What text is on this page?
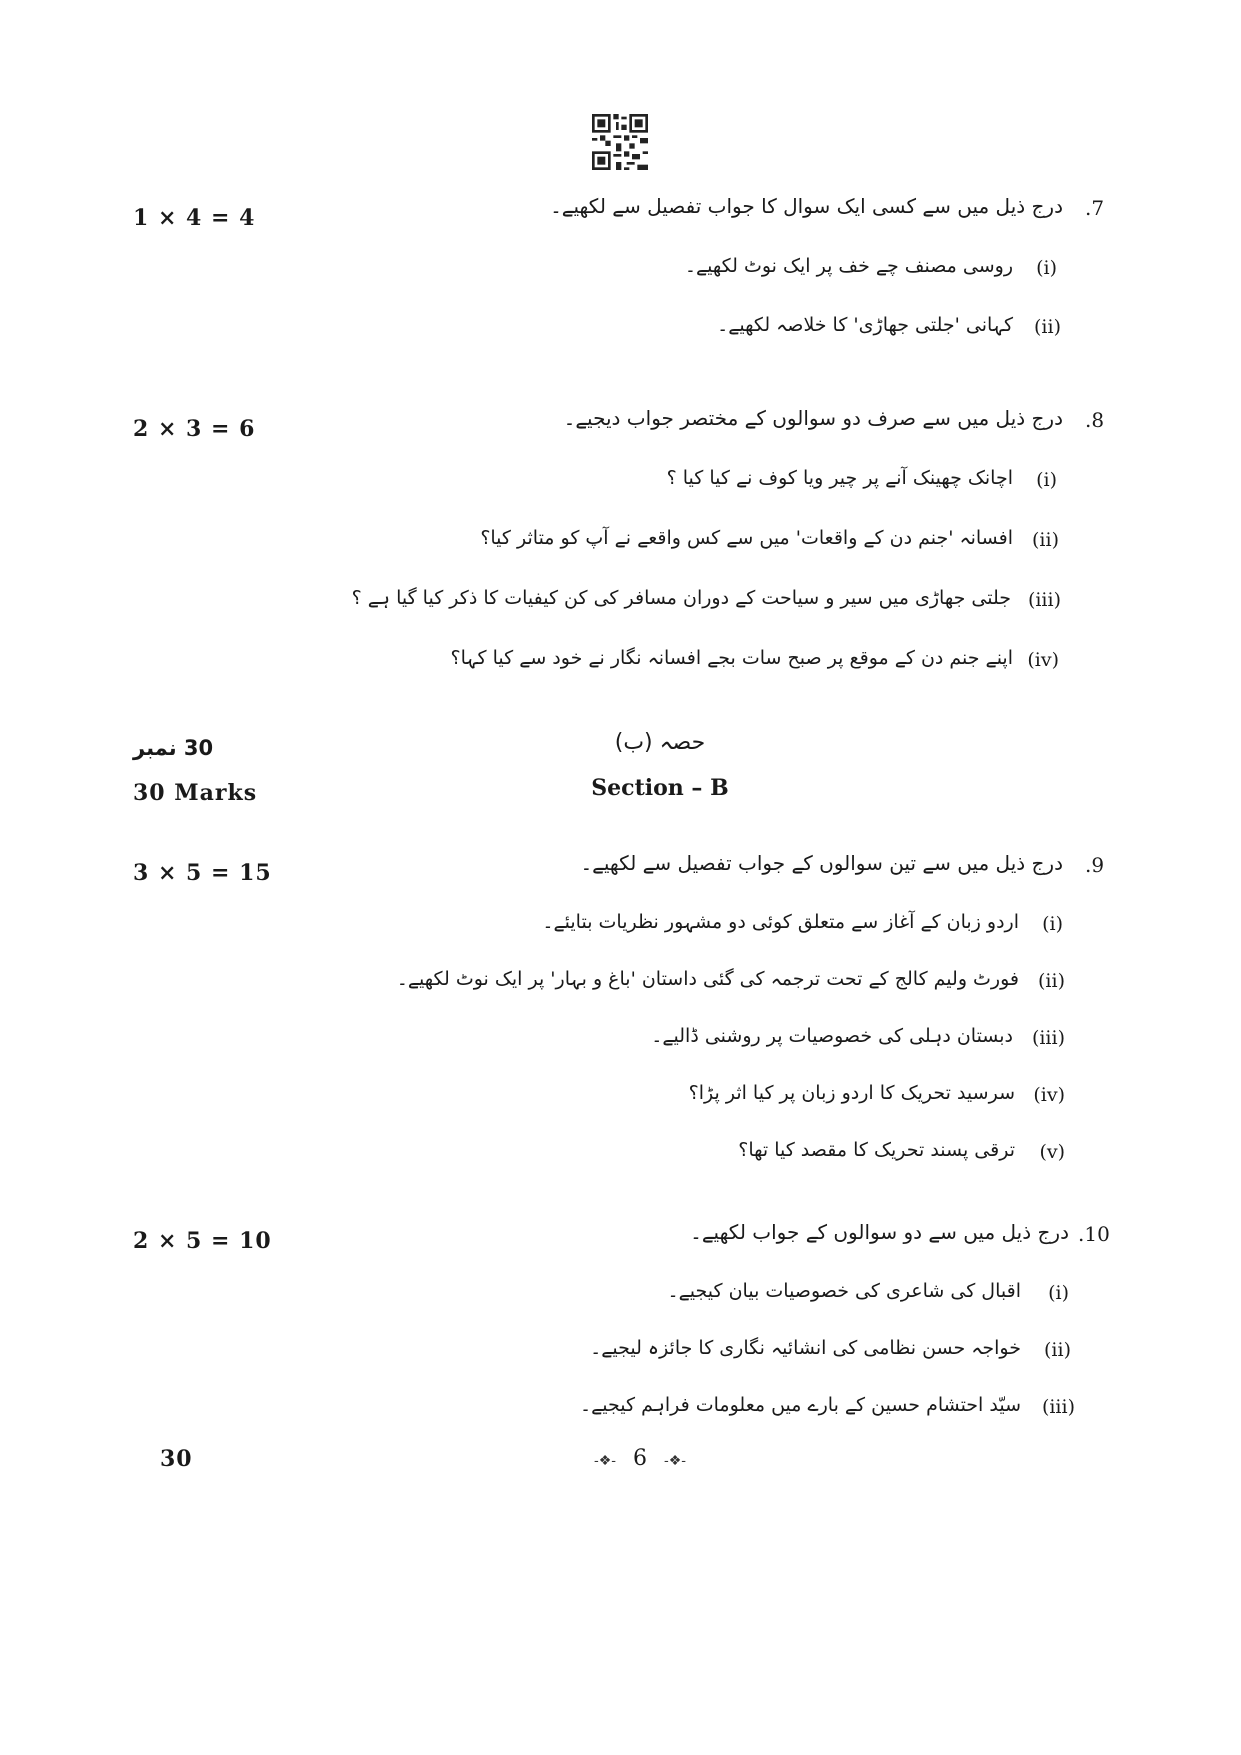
1 × 4 = 4	.7
درج ذیل میں سے کسی ایک سوال کا جواب تفصیل سے لکھیے۔
(i)
روسی مصنف چے خف پر ایک نوٹ لکھیے۔
(ii)
کہانی 'جلتی جھاڑی' کا خلاصہ لکھیے۔
2 × 3 = 6	.8
درج ذیل میں سے صرف دو سوالوں کے مختصر جواب دیجیے۔
(i)
اچانک چھینک آنے پر چیر ویا کوف نے کیا کیا ؟
(ii)
افسانہ 'جنم دن کے واقعات' میں سے کس واقعے نے آپ کو متاثر کیا؟
(iii)
جلتی جھاڑی میں سیر و سیاحت کے دوران مسافر کی کن کیفیات کا ذکر کیا گیا ہے ؟
(iv)
اپنے جنم دن کے موقع پر صبح سات بجے افسانہ نگار نے خود سے کیا کہا؟
30 نمبر
30 Marks
حصہ (ب)
Section – B
3 × 5 = 15	.9
درج ذیل میں سے تین سوالوں کے جواب تفصیل سے لکھیے۔
(i)
اردو زبان کے آغاز سے متعلق کوئی دو مشہور نظریات بتایئے۔
(ii)
فورٹ ولیم کالج کے تحت ترجمہ کی گئی داستان 'باغ و بہار' پر ایک نوٹ لکھیے۔
(iii)
دبستان دہلی کی خصوصیات پر روشنی ڈالیے۔
(iv)
سرسید تحریک کا اردو زبان پر کیا اثر پڑا؟
(v)
ترقی پسند تحریک کا مقصد کیا تھا؟
2 × 5 = 10	.10
درج ذیل میں سے دو سوالوں کے جواب لکھیے۔
(i)
اقبال کی شاعری کی خصوصیات بیان کیجیے۔
(ii)
خواجہ حسن نظامی کی انشائیہ نگاری کا جائزہ لیجیے۔
(iii)
سیّد احتشام حسین کے بارے میں معلومات فراہم کیجیے۔
30	-❖- 6 -❖-
